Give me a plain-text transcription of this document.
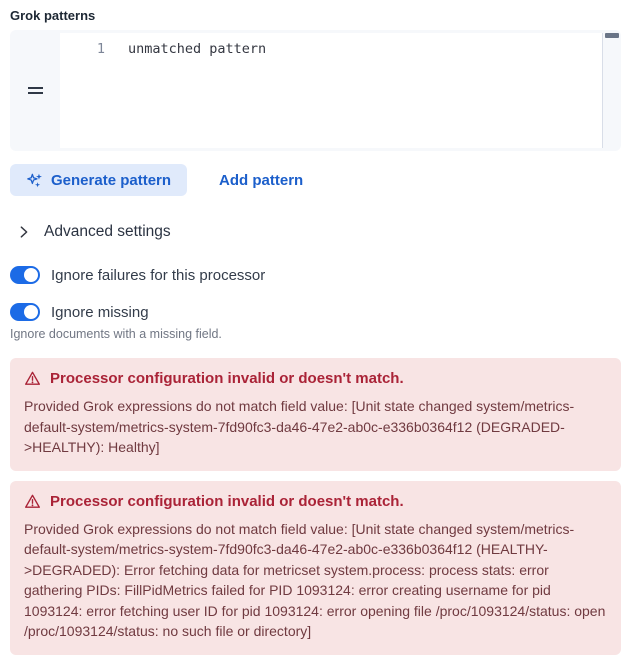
Grok patterns
1 unmatched pattern
Generate pattern	Add pattern
Advanced settings
Ignore failures for this processor
Ignore missing
Ignore documents with a missing field.
Processor configuration invalid or doesn't match.
Provided Grok expressions do not match field value: [Unit state changed system/metrics-default-system/metrics-system-7fd90fc3-da46-47e2-ab0c-e336b0364f12 (DEGRADED->HEALTHY): Healthy]
Processor configuration invalid or doesn't match.
Provided Grok expressions do not match field value: [Unit state changed system/metrics-default-system/metrics-system-7fd90fc3-da46-47e2-ab0c-e336b0364f12 (HEALTHY->DEGRADED): Error fetching data for metricset system.process: process stats: error gathering PIDs: FillPidMetrics failed for PID 1093124: error creating username for pid 1093124: error fetching user ID for pid 1093124: error opening file /proc/1093124/status: open /proc/1093124/status: no such file or directory]
